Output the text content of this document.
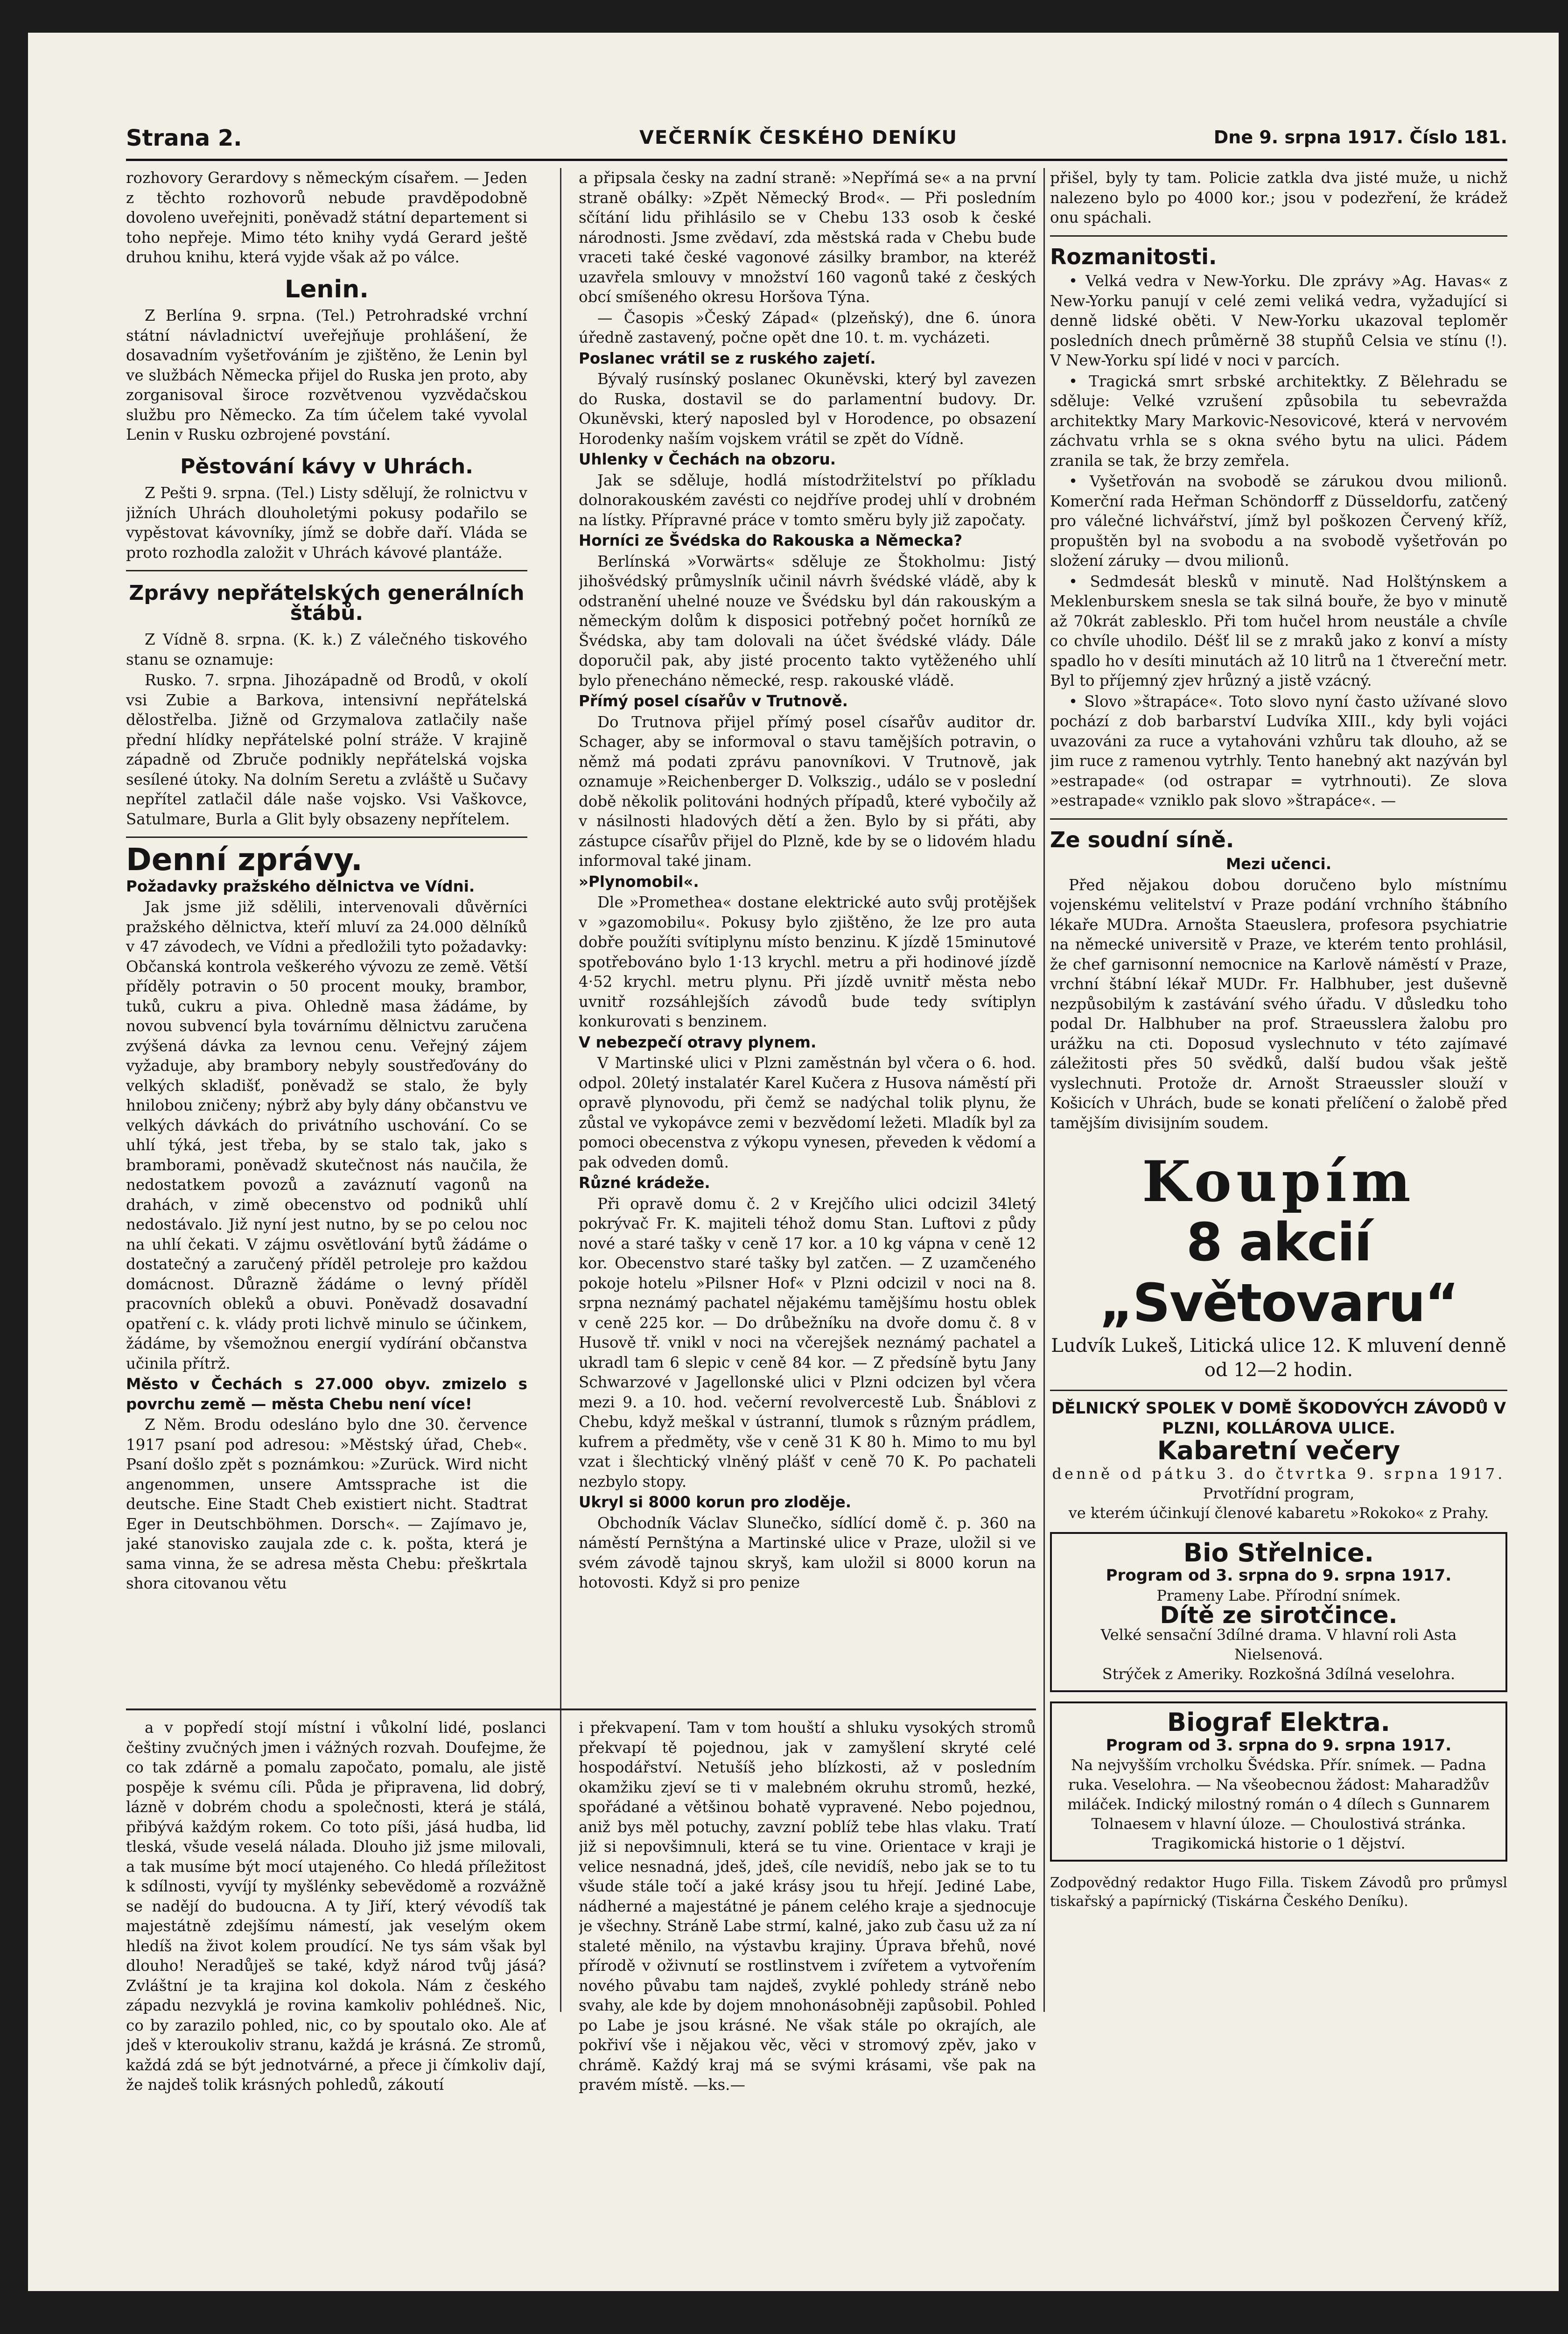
Strana 2.	VEČERNÍK ČESKÉHO DENÍKU	Dne 9. srpna 1917. Číslo 181.

rozhovory Gerardovy s německým císařem. — Jeden z těchto rozhovorů nebude pravděpodobně dovoleno uveřejniti, poněvadž státní departement si toho nepřeje. Mimo této knihy vydá Gerard ještě druhou knihu, která vyjde však až po válce.

Lenin.

Z Berlína 9. srpna. (Tel.) Petrohradské vrchní státní návladnictví uveřejňuje prohlášení, že dosavadním vyšetřováním je zjištěno, že Lenin byl ve službách Německa přijel do Ruska jen proto, aby zorganisoval široce rozvětvenou vyzvědačskou službu pro Německo. Za tím účelem také vyvolal Lenin v Rusku ozbrojené povstání.

Pěstování kávy v Uhrách.

Z Pešti 9. srpna. (Tel.) Listy sdělují, že rolnictvu v jižních Uhrách dlouholetými pokusy podařilo se vypěstovat kávovníky, jímž se dobře daří. Vláda se proto rozhodla založit v Uhrách kávové plantáže.

Zprávy nepřátelských generálních štábů.

Z Vídně 8. srpna. (K. k.) Z válečného tiskového stanu se oznamuje:

Rusko. 7. srpna. Jihozápadně od Brodů, v okolí vsi Zubie a Barkova, intensivní nepřátelská dělostřelba. Jižně od Grzymalova zatlačily naše přední hlídky nepřátelské polní stráže. V krajině západně od Zbruče podnikly nepřátelská vojska sesílené útoky. Na dolním Seretu a zvláště u Sučavy nepřítel zatlačil dále naše vojsko. Vsi Vaškovce, Satulmare, Burla a Glit byly obsazeny nepřítelem.

Denní zprávy.

Požadavky pražského dělnictva ve Vídni.

Jak jsme již sdělili, intervenovali důvěrníci pražského dělnictva, kteří mluví za 24.000 dělníků v 47 závodech, ve Vídni a předložili tyto požadavky: Občanská kontrola veškerého vývozu ze země. Větší příděly potravin o 50 procent mouky, brambor, tuků, cukru a piva. Ohledně masa žádáme, by novou subvencí byla továrnímu dělnictvu zaručena zvýšená dávka za levnou cenu. Veřejný zájem vyžaduje, aby brambory nebyly soustřeďovány do velkých skladišť, poněvadž se stalo, že byly hnilobou zničeny; nýbrž aby byly dány občanstvu ve velkých dávkách do privátního uschování. Co se uhlí týká, jest třeba, by se stalo tak, jako s bramborami, poněvadž skutečnost nás naučila, že nedostatkem povozů a zaváznutí vagonů na drahách, v zimě obecenstvo od podniků uhlí nedostávalo. Již nyní jest nutno, by se po celou noc na uhlí čekati. V zájmu osvětlování bytů žádáme o dostatečný a zaručený příděl petroleje pro každou domácnost. Důrazně žádáme o levný příděl pracovních obleků a obuvi. Poněvadž dosavadní opatření c. k. vlády proti lichvě minulo se účinkem, žádáme, by všemožnou energií vydírání občanstva učinila přítrž.

Město v Čechách s 27.000 obyv. zmizelo s povrchu země — města Chebu není více!

Z Něm. Brodu odesláno bylo dne 30. července 1917 psaní pod adresou: »Městský úřad, Cheb«. Psaní došlo zpět s poznámkou: »Zurück. Wird nicht angenommen, unsere Amtssprache ist die deutsche. Eine Stadt Cheb existiert nicht. Stadtrat Eger in Deutschböhmen. Dorsch«. — Zajímavo je, jaké stanovisko zaujala zde c. k. pošta, která je sama vinna, že se adresa města Chebu: přeškrtala shora citovanou větu

a připsala česky na zadní straně: »Nepřímá se« a na první straně obálky: »Zpět Německý Brod«. — Při posledním sčítání lidu přihlásilo se v Chebu 133 osob k české národnosti. Jsme zvědaví, zda městská rada v Chebu bude vraceti také české vagonové zásilky brambor, na kteréž uzavřela smlouvy v množství 160 vagonů také z českých obcí smíšeného okresu Horšova Týna.

— Časopis »Český Západ« (plzeňský), dne 6. února úředně zastavený, počne opět dne 10. t. m. vycházeti.

Poslanec vrátil se z ruského zajetí.

Bývalý rusínský poslanec Okuněvski, který byl zavezen do Ruska, dostavil se do parlamentní budovy. Dr. Okuněvski, který naposled byl v Horodence, po obsazení Horodenky naším vojskem vrátil se zpět do Vídně.

Uhlenky v Čechách na obzoru.

Jak se sděluje, hodlá místodržitelství po příkladu dolnorakouském zavésti co nejdříve prodej uhlí v drobném na lístky. Přípravné práce v tomto směru byly již započaty.

Horníci ze Švédska do Rakouska a Německa?

Berlínská »Vorwärts« sděluje ze Štokholmu: Jistý jihošvédský průmyslník učinil návrh švédské vládě, aby k odstranění uhelné nouze ve Švédsku byl dán rakouským a německým dolům k disposici potřebný počet horníků ze Švédska, aby tam dolovali na účet švédské vlády. Dále doporučil pak, aby jisté procento takto vytěženého uhlí bylo přenecháno německé, resp. rakouské vládě.

Přímý posel císařův v Trutnově.

Do Trutnova přijel přímý posel císařův auditor dr. Schager, aby se informoval o stavu tamějších potravin, o němž má podati zprávu panovníkovi. V Trutnově, jak oznamuje »Reichenberger D. Volkszig., událo se v poslední době několik politováni hodných případů, které vybočily až v násilnosti hladových dětí a žen. Bylo by si přáti, aby zástupce císařův přijel do Plzně, kde by se o lidovém hladu informoval také jinam.

»Plynomobil«.

Dle »Prometheа« dostane elektrické auto svůj protějšek v »gazomobilu«. Pokusy bylo zjištěno, že lze pro auta dobře použíti svítiplynu místo benzinu. K jízdě 15minutové spotřebováno bylo 1·13 krychl. metru a při hodinové jízdě 4·52 krychl. metru plynu. Při jízdě uvnitř města nebo uvnitř rozsáhlejších závodů bude tedy svítiplyn konkurovati s benzinem.

V nebezpečí otravy plynem.

V Martinské ulici v Plzni zaměstnán byl včera o 6. hod. odpol. 20letý instalatér Karel Kučera z Husova náměstí při opravě plynovodu, při čemž se nadýchal tolik plynu, že zůstal ve vykopávce zemi v bezvědomí ležeti. Mladík byl za pomoci obecenstva z výkopu vynesen, převeden k vědomí a pak odveden domů.

Různé krádeže.

Při opravě domu č. 2 v Krejčího ulici odcizil 34letý pokrývač Fr. K. majiteli téhož domu Stan. Luftovi z půdy nové a staré tašky v ceně 17 kor. a 10 kg vápna v ceně 12 kor. Obecenstvo staré tašky byl zatčen. — Z uzamčeného pokoje hotelu »Pilsner Hof« v Plzni odcizil v noci na 8. srpna neznámý pachatel nějakému tamějšímu hostu oblek v ceně 225 kor. — Do drůbežníku na dvoře domu č. 8 v Husově tř. vnikl v noci na včerejšek neznámý pachatel a ukradl tam 6 slepic v ceně 84 kor. — Z předsíně bytu Jany Schwarzové v Jagellonské ulici v Plzni odcizen byl včera mezi 9. a 10. hod. večerní revolvercestě Lub. Šnáblovi z Chebu, když meškal v ústranní, tlumok s různým prádlem, kufrem a předměty, vše v ceně 31 K 80 h. Mimo to mu byl vzat i šlechtický vlněný plášť v ceně 70 K. Po pachateli nezbylo stopy.

Ukryl si 8000 korun pro zloděje.

Obchodník Václav Slunečko, sídlící domě č. p. 360 na náměstí Pernštýna a Martinské ulice v Praze, uložil si ve svém závodě tajnou skryš, kam uložil si 8000 korun na hotovosti. Když si pro penize

přišel, byly ty tam. Policie zatkla dva jisté muže, u nichž nalezeno bylo po 4000 kor.; jsou v podezření, že krádež onu spáchali.

Rozmanitosti.

• Velká vedra v New-Yorku. Dle zprávy »Ag. Havas« z New-Yorku panují v celé zemi veliká vedra, vyžadující si denně lidské oběti. V New-Yorku ukazoval teploměr posledních dnech průměrně 38 stupňů Celsia ve stínu (!). V New-Yorku spí lidé v noci v parcích.

• Tragická smrt srbské architektky. Z Bělehradu se sděluje: Velké vzrušení způsobila tu sebevražda architektky Mary Markovic-Nesovicové, která v nervovém záchvatu vrhla se s okna svého bytu na ulici. Pádem zranila se tak, že brzy zemřela.

• Vyšetřován na svobodě se zárukou dvou milionů. Komerční rada Heřman Schöndorff z Düsseldorfu, zatčený pro válečné lichvářství, jímž byl poškozen Červený kříž, propuštěn byl na svobodu a na svobodě vyšetřován po složení záruky — dvou milionů.

• Sedmdesát blesků v minutě. Nad Holštýnskem a Meklenburskem snesla se tak silná bouře, že byo v minutě až 70krát zablesklo. Při tom hučel hrom neustále a chvíle co chvíle uhodilo. Déšť lil se z mraků jako z konví a místy spadlo ho v desíti minutách až 10 litrů na 1 čtvereční metr. Byl to příjemný zjev hrůzný a jistě vzácný.

• Slovo »štrapáce«. Toto slovo nyní často užívané slovo pochází z dob barbarství Ludvíka XIII., kdy byli vojáci uvazováni za ruce a vytahováni vzhůru tak dlouho, až se jim ruce z ramenou vytrhly. Tento hanebný akt nazýván byl »estrapade« (od ostrapar = vytrhnouti). Ze slova »estrapade« vzniklo pak slovo »štrapáce«. —

Ze soudní síně.

Mezi učenci.

Před nějakou dobou doručeno bylo místnímu vojenskému velitelství v Praze podání vrchního štábního lékaře MUDra. Arnošta Staeuslera, profesora psychiatrie na německé universitě v Praze, ve kterém tento prohlásil, že chef garnisonní nemocnice na Karlově náměstí v Praze, vrchní štábní lékař MUDr. Fr. Halbhuber, jest duševně nezpůsobilým k zastávání svého úřadu. V důsledku toho podal Dr. Halbhuber na prof. Straeusslera žalobu pro urážku na cti. Doposud vyslechnuto v této zajímavé záležitosti přes 50 svědků, další budou však ještě vyslechnuti. Protože dr. Arnošt Straeussler slouží v Košicích v Uhrách, bude se konati přelíčení o žalobě před tamějším divisijním soudem.

Koupím
8 akcií „Světovaru“
Ludvík Lukeš, Litická ulice 12. K mluvení denně od 12—2 hodin.
DĚLNICKÝ SPOLEK V DOMĚ ŠKODOVÝCH ZÁVODŮ V PLZNI, KOLLÁROVA ULICE.
Kabaretní večery
denně od pátku 3. do čtvrtka 9. srpna 1917.
Prvotřídní program,
ve kterém účinkují členové kabaretu »Rokoko« z Prahy.
Bio Střelnice.
Program od 3. srpna do 9. srpna 1917.
Prameny Labe. Přírodní snímek.
Dítě ze sirotčince.
Velké sensační 3dílné drama. V hlavní roli Asta Nielsenová.
Strýček z Ameriky. Rozkošná 3dílná veselohra.
Biograf Elektra.
Program od 3. srpna do 9. srpna 1917.
Na nejvyšším vrcholku Švédska. Přír. snímek. — Padna ruka. Veselohra. — Na všeobecnou žádost: Maharadžův miláček. Indický milostný román o 4 dílech s Gunnarem Tolnaesem v hlavní úloze. — Choulostivá stránka. Tragikomická historie o 1 dějství.
Zodpovědný redaktor Hugo Filla. Tiskem Závodů pro průmysl tiskařský a papírnický (Tiskárna Českého Deníku).

a v popředí stojí místní i vůkolní lidé, poslanci češtiny zvučných jmen i vážných rozvah. Doufejme, že co tak zdárně a pomalu započato, pomalu, ale jistě pospěje k svému cíli. Půda je připravena, lid dobrý, lázně v dobrém chodu a společnosti, která je stálá, přibývá každým rokem. Co toto píši, jásá hudba, lid tleská, všude veselá nálada. Dlouho již jsme milovali, a tak musíme být mocí utajeného. Co hledá příležitost k sdílnosti, vyvíjí ty myšlénky sebevědomě a rozvážně se nadějí do budoucna. A ty Jiří, který vévodíš tak majestátně zdejšímu námestí, jak veselým okem hledíš na život kolem proudící. Ne tys sám však byl dlouho! Neradůješ se také, když národ tvůj jásá? Zvláštní je ta krajina kol dokola. Nám z českého západu nezvyklá je rovina kamkoliv pohlédneš. Nic, co by zarazilo pohled, nic, co by spoutalo oko. Ale ať jdeš v kteroukoliv stranu, každá je krásná. Ze stromů, každá zdá se být jednotvárné, a přece ji čímkoliv dají, že najdeš tolik krásných pohledů, zákoutí

i překvapení. Tam v tom houští a shluku vysokých stromů překvapí tě pojednou, jak v zamyšlení skryté celé hospodářství. Netušíš jeho blízkosti, až v posledním okamžiku zjeví se ti v malebném okruhu stromů, hezké, spořádané a většinou bohatě vypravené. Nebo pojednou, aniž bys měl potuchy, zavzní poblíž tebe hlas vlaku. Tratí již si nepovšimnuli, která se tu vine. Orientace v kraji je velice nesnadná, jdeš, jdeš, cíle nevidíš, nebo jak se to tu všude stále točí a jaké krásy jsou tu hřejí. Jediné Labe, nádherné a majestátné je pánem celého kraje a sjednocuje je všechny. Stráně Labe strmí, kalné, jako zub času už za ní staleté měnilo, na výstavbu krajiny. Úprava břehů, nové přírodě v oživnutí se rostlinstvem i zvířetem a vytvořením nového půvabu tam najdeš, zvyklé pohledy stráně nebo svahy, ale kde by dojem mnohonásobněji zapůsobil. Pohled po Labe je jsou krásné. Ne však stále po okrajích, ale pokřiví vše i nějakou věc, věci v stromový zpěv, jako v chrámě. Každý kraj má se svými krásami, vše pak na pravém místě. —ks.—
